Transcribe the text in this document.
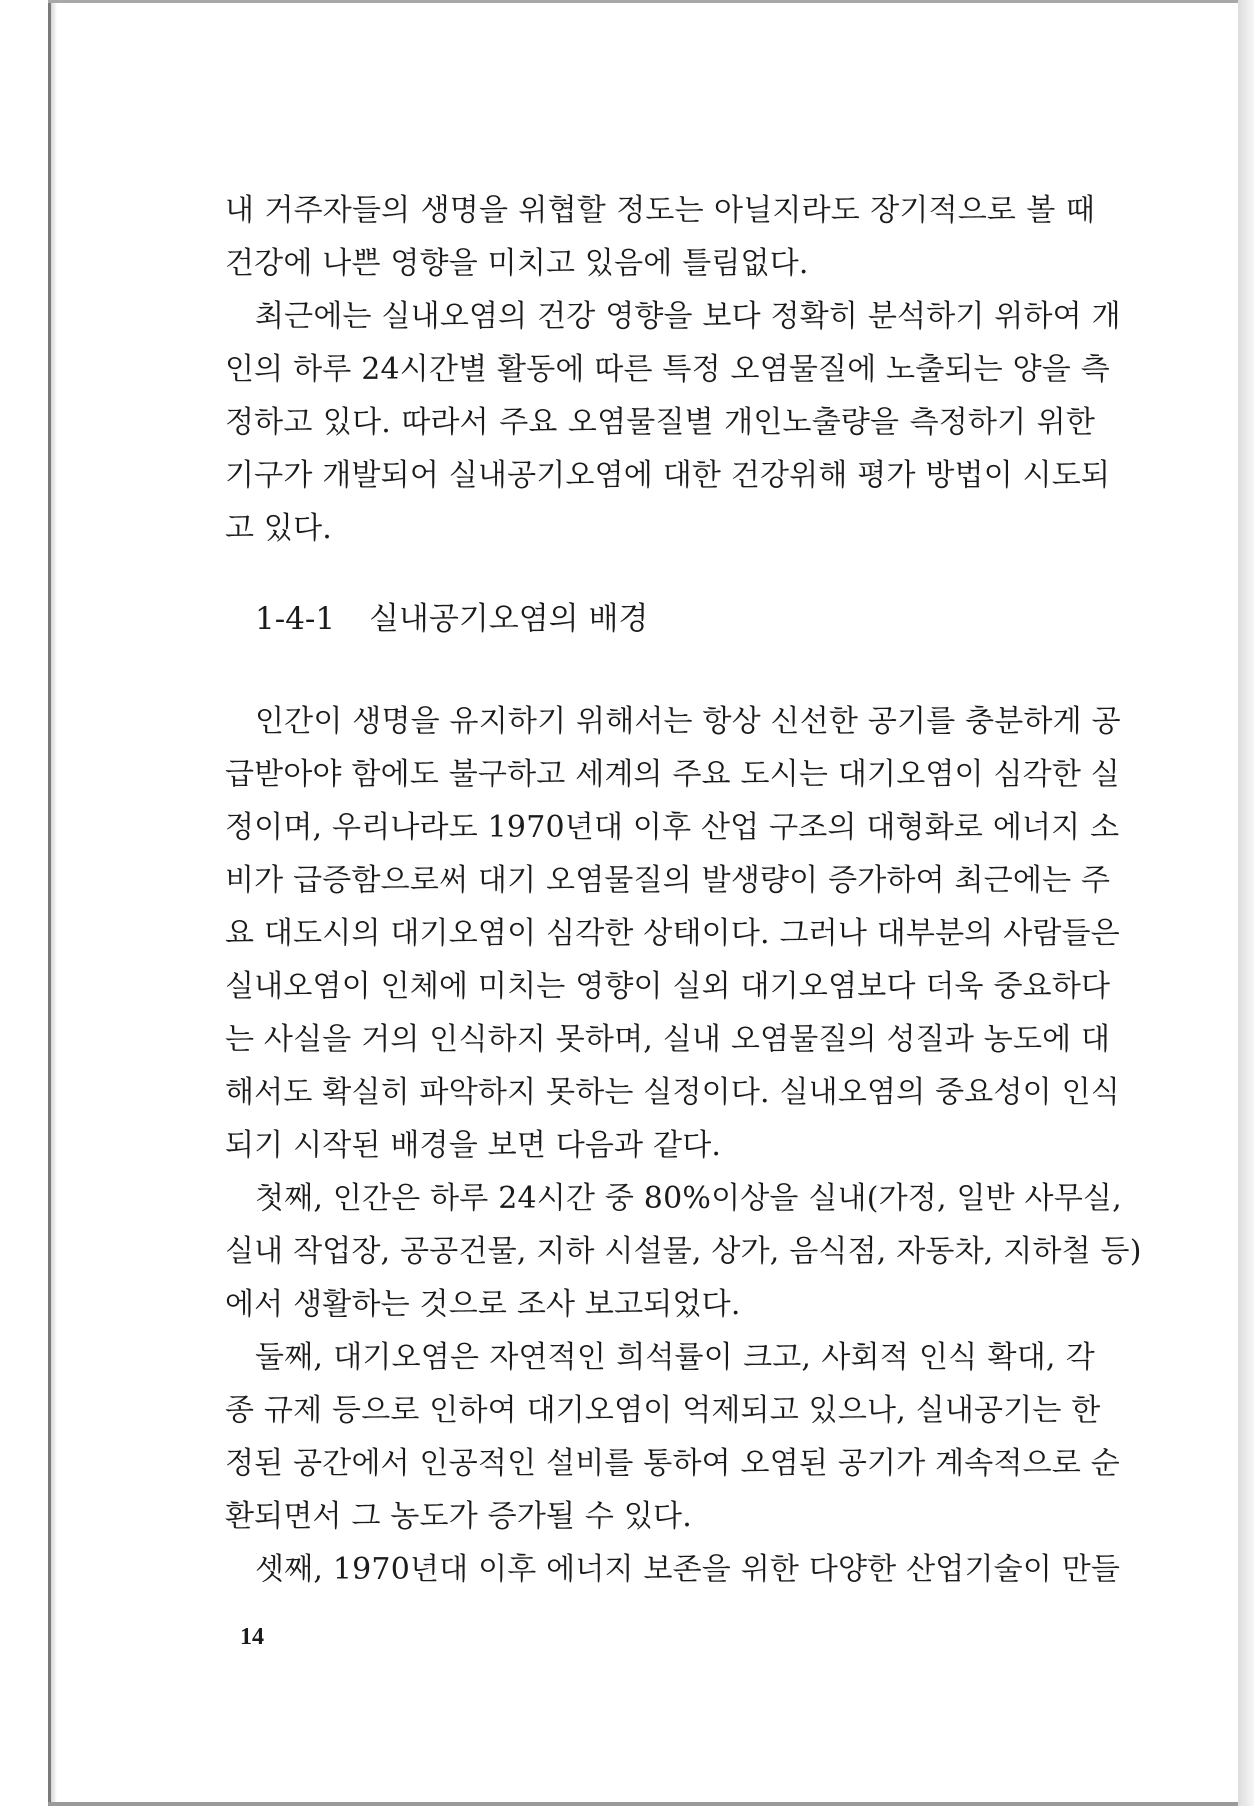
내 거주자들의 생명을 위협할 정도는 아닐지라도 장기적으로 볼 때
건강에 나쁜 영향을 미치고 있음에 틀림없다.
최근에는 실내오염의 건강 영향을 보다 정확히 분석하기 위하여 개
인의 하루 24시간별 활동에 따른 특정 오염물질에 노출되는 양을 측
정하고 있다. 따라서 주요 오염물질별 개인노출량을 측정하기 위한
기구가 개발되어 실내공기오염에 대한 건강위해 평가 방법이 시도되
고 있다.
1-4-1 실내공기오염의 배경
인간이 생명을 유지하기 위해서는 항상 신선한 공기를 충분하게 공
급받아야 함에도 불구하고 세계의 주요 도시는 대기오염이 심각한 실
정이며, 우리나라도 1970년대 이후 산업 구조의 대형화로 에너지 소
비가 급증함으로써 대기 오염물질의 발생량이 증가하여 최근에는 주
요 대도시의 대기오염이 심각한 상태이다. 그러나 대부분의 사람들은
실내오염이 인체에 미치는 영향이 실외 대기오염보다 더욱 중요하다
는 사실을 거의 인식하지 못하며, 실내 오염물질의 성질과 농도에 대
해서도 확실히 파악하지 못하는 실정이다. 실내오염의 중요성이 인식
되기 시작된 배경을 보면 다음과 같다.
첫째, 인간은 하루 24시간 중 80%이상을 실내(가정, 일반 사무실,
실내 작업장, 공공건물, 지하 시설물, 상가, 음식점, 자동차, 지하철 등)
에서 생활하는 것으로 조사 보고되었다.
둘째, 대기오염은 자연적인 희석률이 크고, 사회적 인식 확대, 각
종 규제 등으로 인하여 대기오염이 억제되고 있으나, 실내공기는 한
정된 공간에서 인공적인 설비를 통하여 오염된 공기가 계속적으로 순
환되면서 그 농도가 증가될 수 있다.
셋째, 1970년대 이후 에너지 보존을 위한 다양한 산업기술이 만들
14
